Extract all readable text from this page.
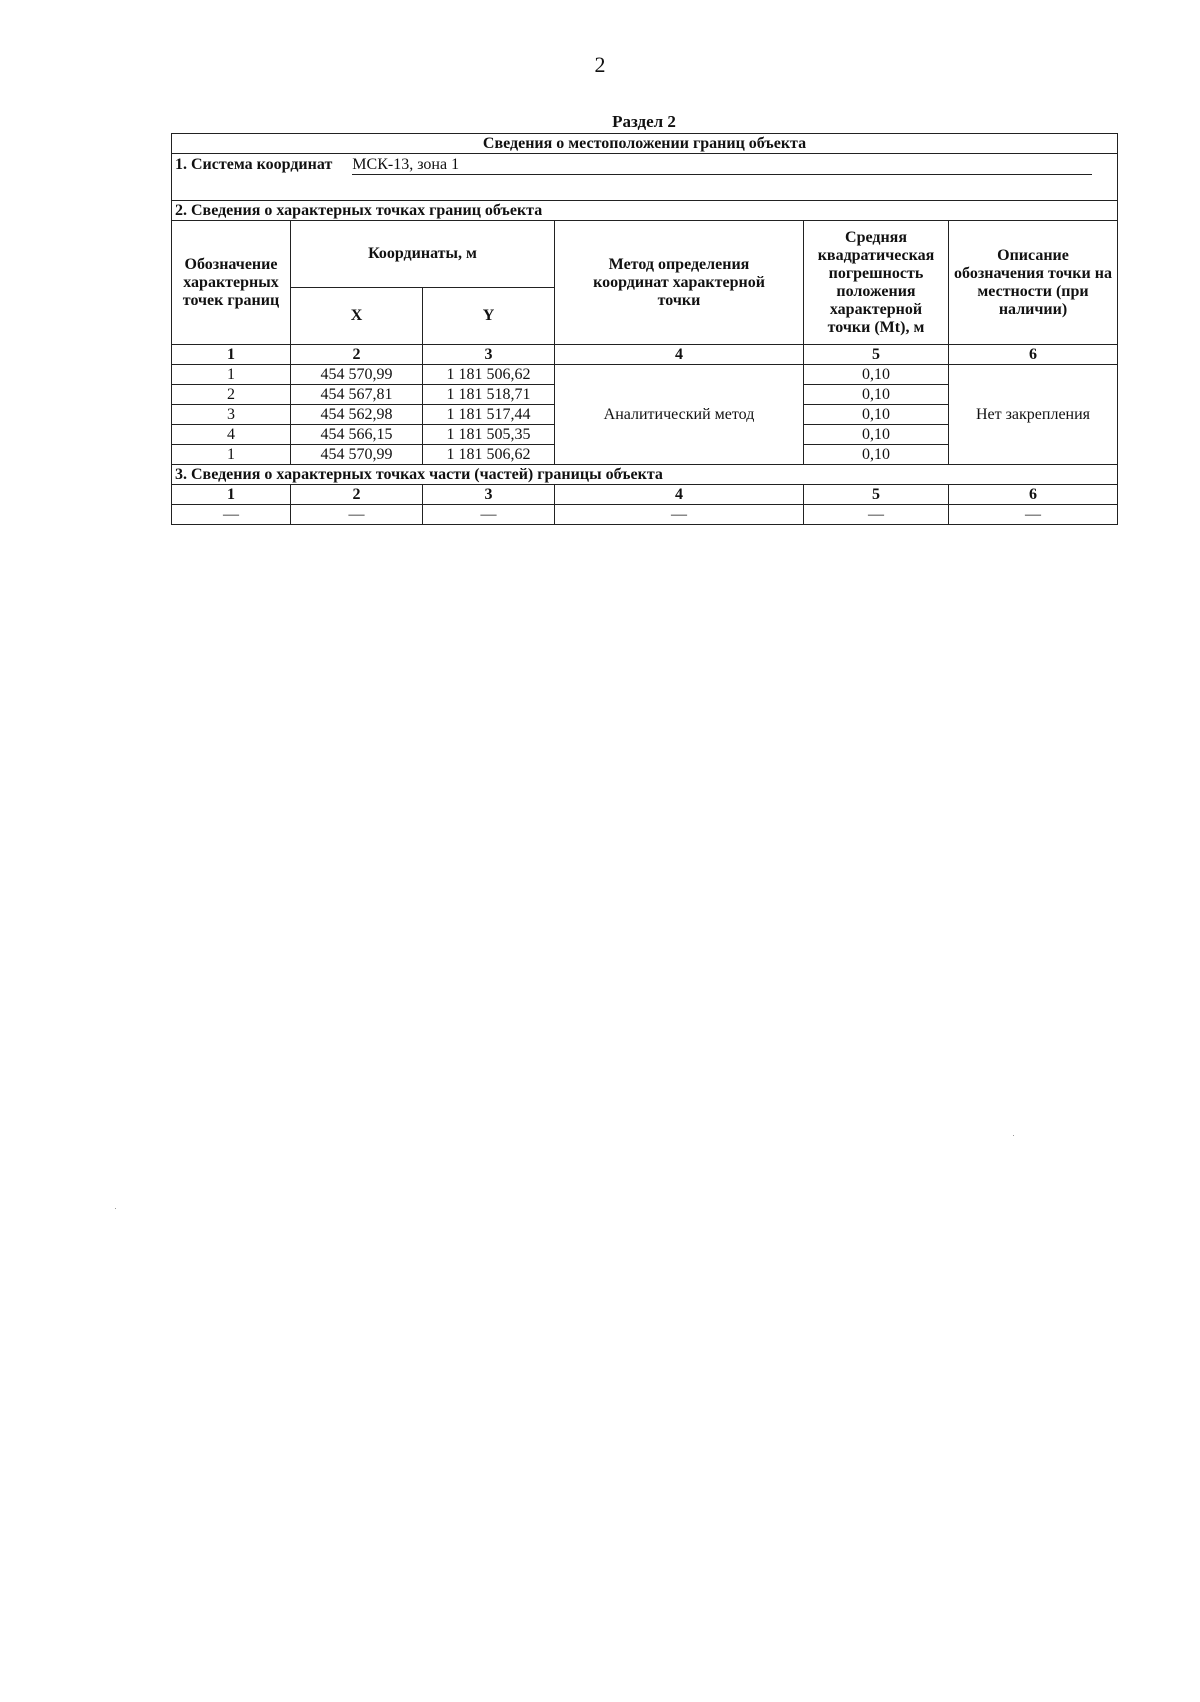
2
Раздел 2
Сведения о местоположении границ объекта					
1. Система координат МСК-13, зона 1					
2. Сведения о характерных точках границ объекта					
Обозначение характерных точек границ	Координаты, м		Метод определения координат характерной точки	Средняя квадратическая погрешность положения характерной точки (Mt), м	Описание обозначения точки на местности (при наличии)
	X	Y			
1	2	3	4	5	6
1	454 570,99	1 181 506,62	Аналитический метод	0,10	Нет закрепления
2	454 567,81	1 181 518,71		0,10	
3	454 562,98	1 181 517,44		0,10	
4	454 566,15	1 181 505,35		0,10	
1	454 570,99	1 181 506,62		0,10	
3. Сведения о характерных точках части (частей) границы объекта					
1	2	3	4	5	6
—	—	—	—	—	—
